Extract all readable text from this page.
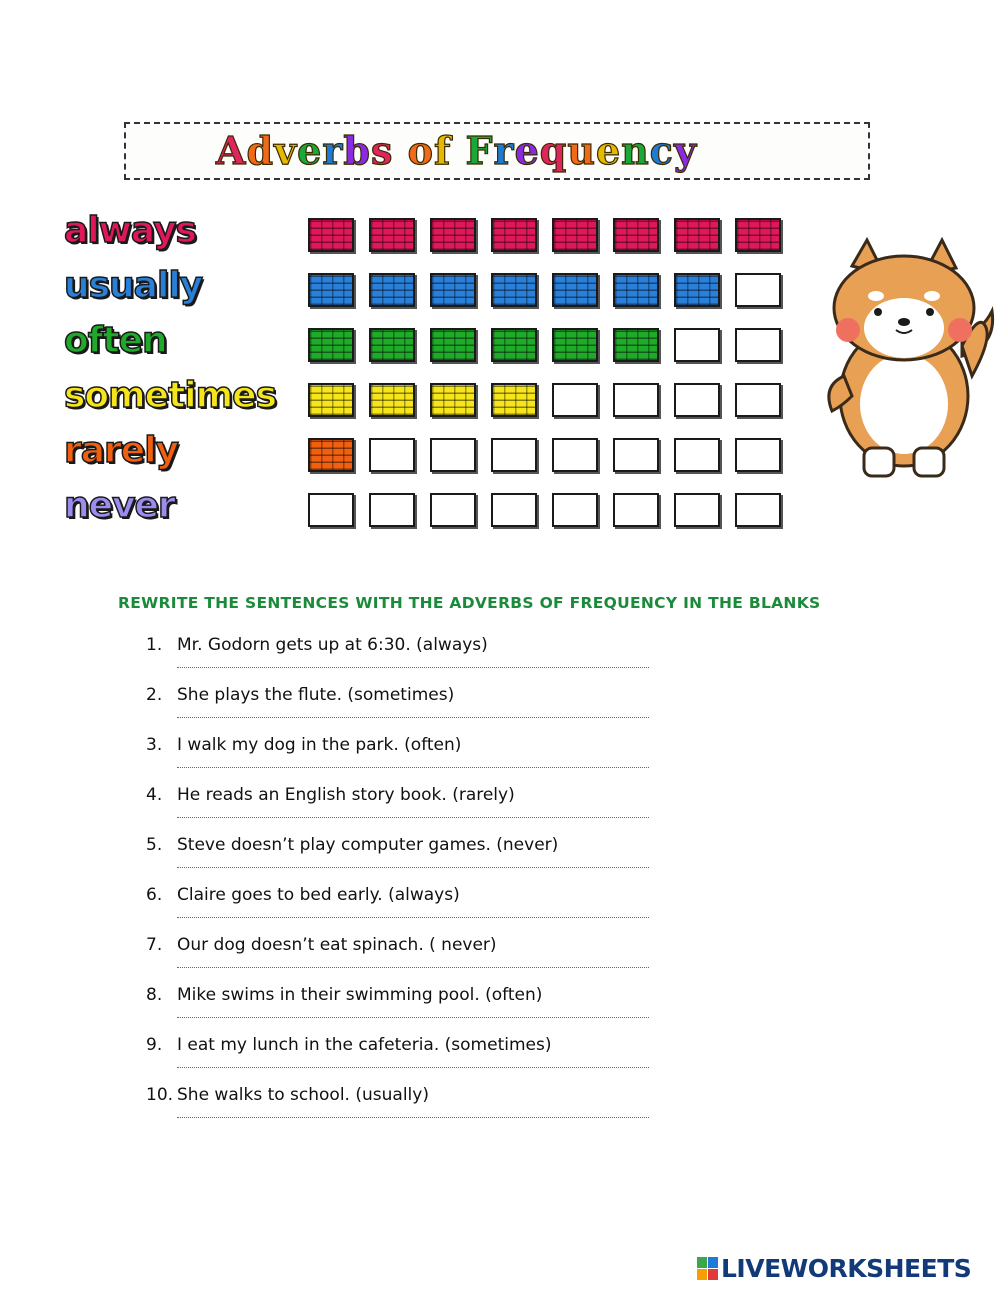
Adverbs of Frequency
always
usually
often
sometimes
rarely
never
REWRITE THE SENTENCES WITH THE ADVERBS OF FREQUENCY IN THE BLANKS
1. Mr. Godorn gets up at 6:30. (always)
2. She plays the flute. (sometimes)
3. I walk my dog in the park. (often)
4. He reads an English story book. (rarely)
5. Steve doesn’t play computer games. (never)
6. Claire goes to bed early. (always)
7. Our dog doesn’t eat spinach. ( never)
8. Mike swims in their swimming pool. (often)
9. I eat my lunch in the cafeteria. (sometimes)
10. She walks to school. (usually)
LIVEWORKSHEETS
